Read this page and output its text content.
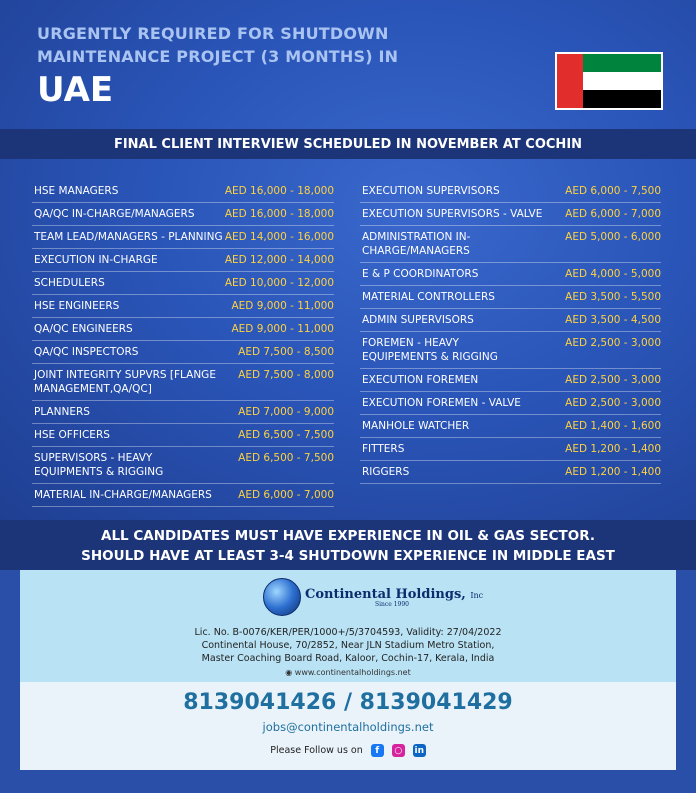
URGENTLY REQUIRED FOR SHUTDOWN
MAINTENANCE PROJECT (3 MONTHS) IN
UAE
FINAL CLIENT INTERVIEW SCHEDULED IN NOVEMBER AT COCHIN
HSE MANAGERS	AED 16,000 - 18,000
QA/QC IN-CHARGE/MANAGERS	AED 16,000 - 18,000
TEAM LEAD/MANAGERS - PLANNING AED 14,000 - 16,000
EXECUTION IN-CHARGE	AED 12,000 - 14,000
SCHEDULERS	AED 10,000 - 12,000
HSE ENGINEERS	AED 9,000 - 11,000
QA/QC ENGINEERS	AED 9,000 - 11,000
QA/QC INSPECTORS	AED 7,500 - 8,500
JOINT INTEGRITY SUPVRS [FLANGE MANAGEMENT,QA/QC]
AED 7,500 - 8,000
PLANNERS	AED 7,000 - 9,000
HSE OFFICERS	AED 6,500 - 7,500
SUPERVISORS - HEAVY EQUIPMENTS & RIGGING
AED 6,500 - 7,500
MATERIAL IN-CHARGE/MANAGERS	AED 6,000 - 7,000
EXECUTION SUPERVISORS	AED 6,000 - 7,500
EXECUTION SUPERVISORS - VALVE AED 6,000 - 7,000
ADMINISTRATION IN-CHARGE/MANAGERS
AED 5,000 - 6,000
E & P COORDINATORS	AED 4,000 - 5,000
MATERIAL CONTROLLERS	AED 3,500 - 5,500
ADMIN SUPERVISORS	AED 3,500 - 4,500
FOREMEN - HEAVY EQUIPEMENTS & RIGGING
AED 2,500 - 3,000
EXECUTION FOREMEN	AED 2,500 - 3,000
EXECUTION FOREMEN - VALVE	AED 2,500 - 3,000
MANHOLE WATCHER	AED 1,400 - 1,600
FITTERS	AED 1,200 - 1,400
RIGGERS	AED 1,200 - 1,400
ALL CANDIDATES MUST HAVE EXPERIENCE IN OIL & GAS SECTOR.
SHOULD HAVE AT LEAST 3-4 SHUTDOWN EXPERIENCE IN MIDDLE EAST
Continental Holdings, Inc
Since 1990
Lic. No. B-0076/KER/PER/1000+/5/3704593, Validity: 27/04/2022
Continental House, 70/2852, Near JLN Stadium Metro Station,
Master Coaching Board Road, Kaloor, Cochin-17, Kerala, India
◉ www.continentalholdings.net
8139041426 / 8139041429
jobs@continentalholdings.net
Please Follow us on	f	○ in
